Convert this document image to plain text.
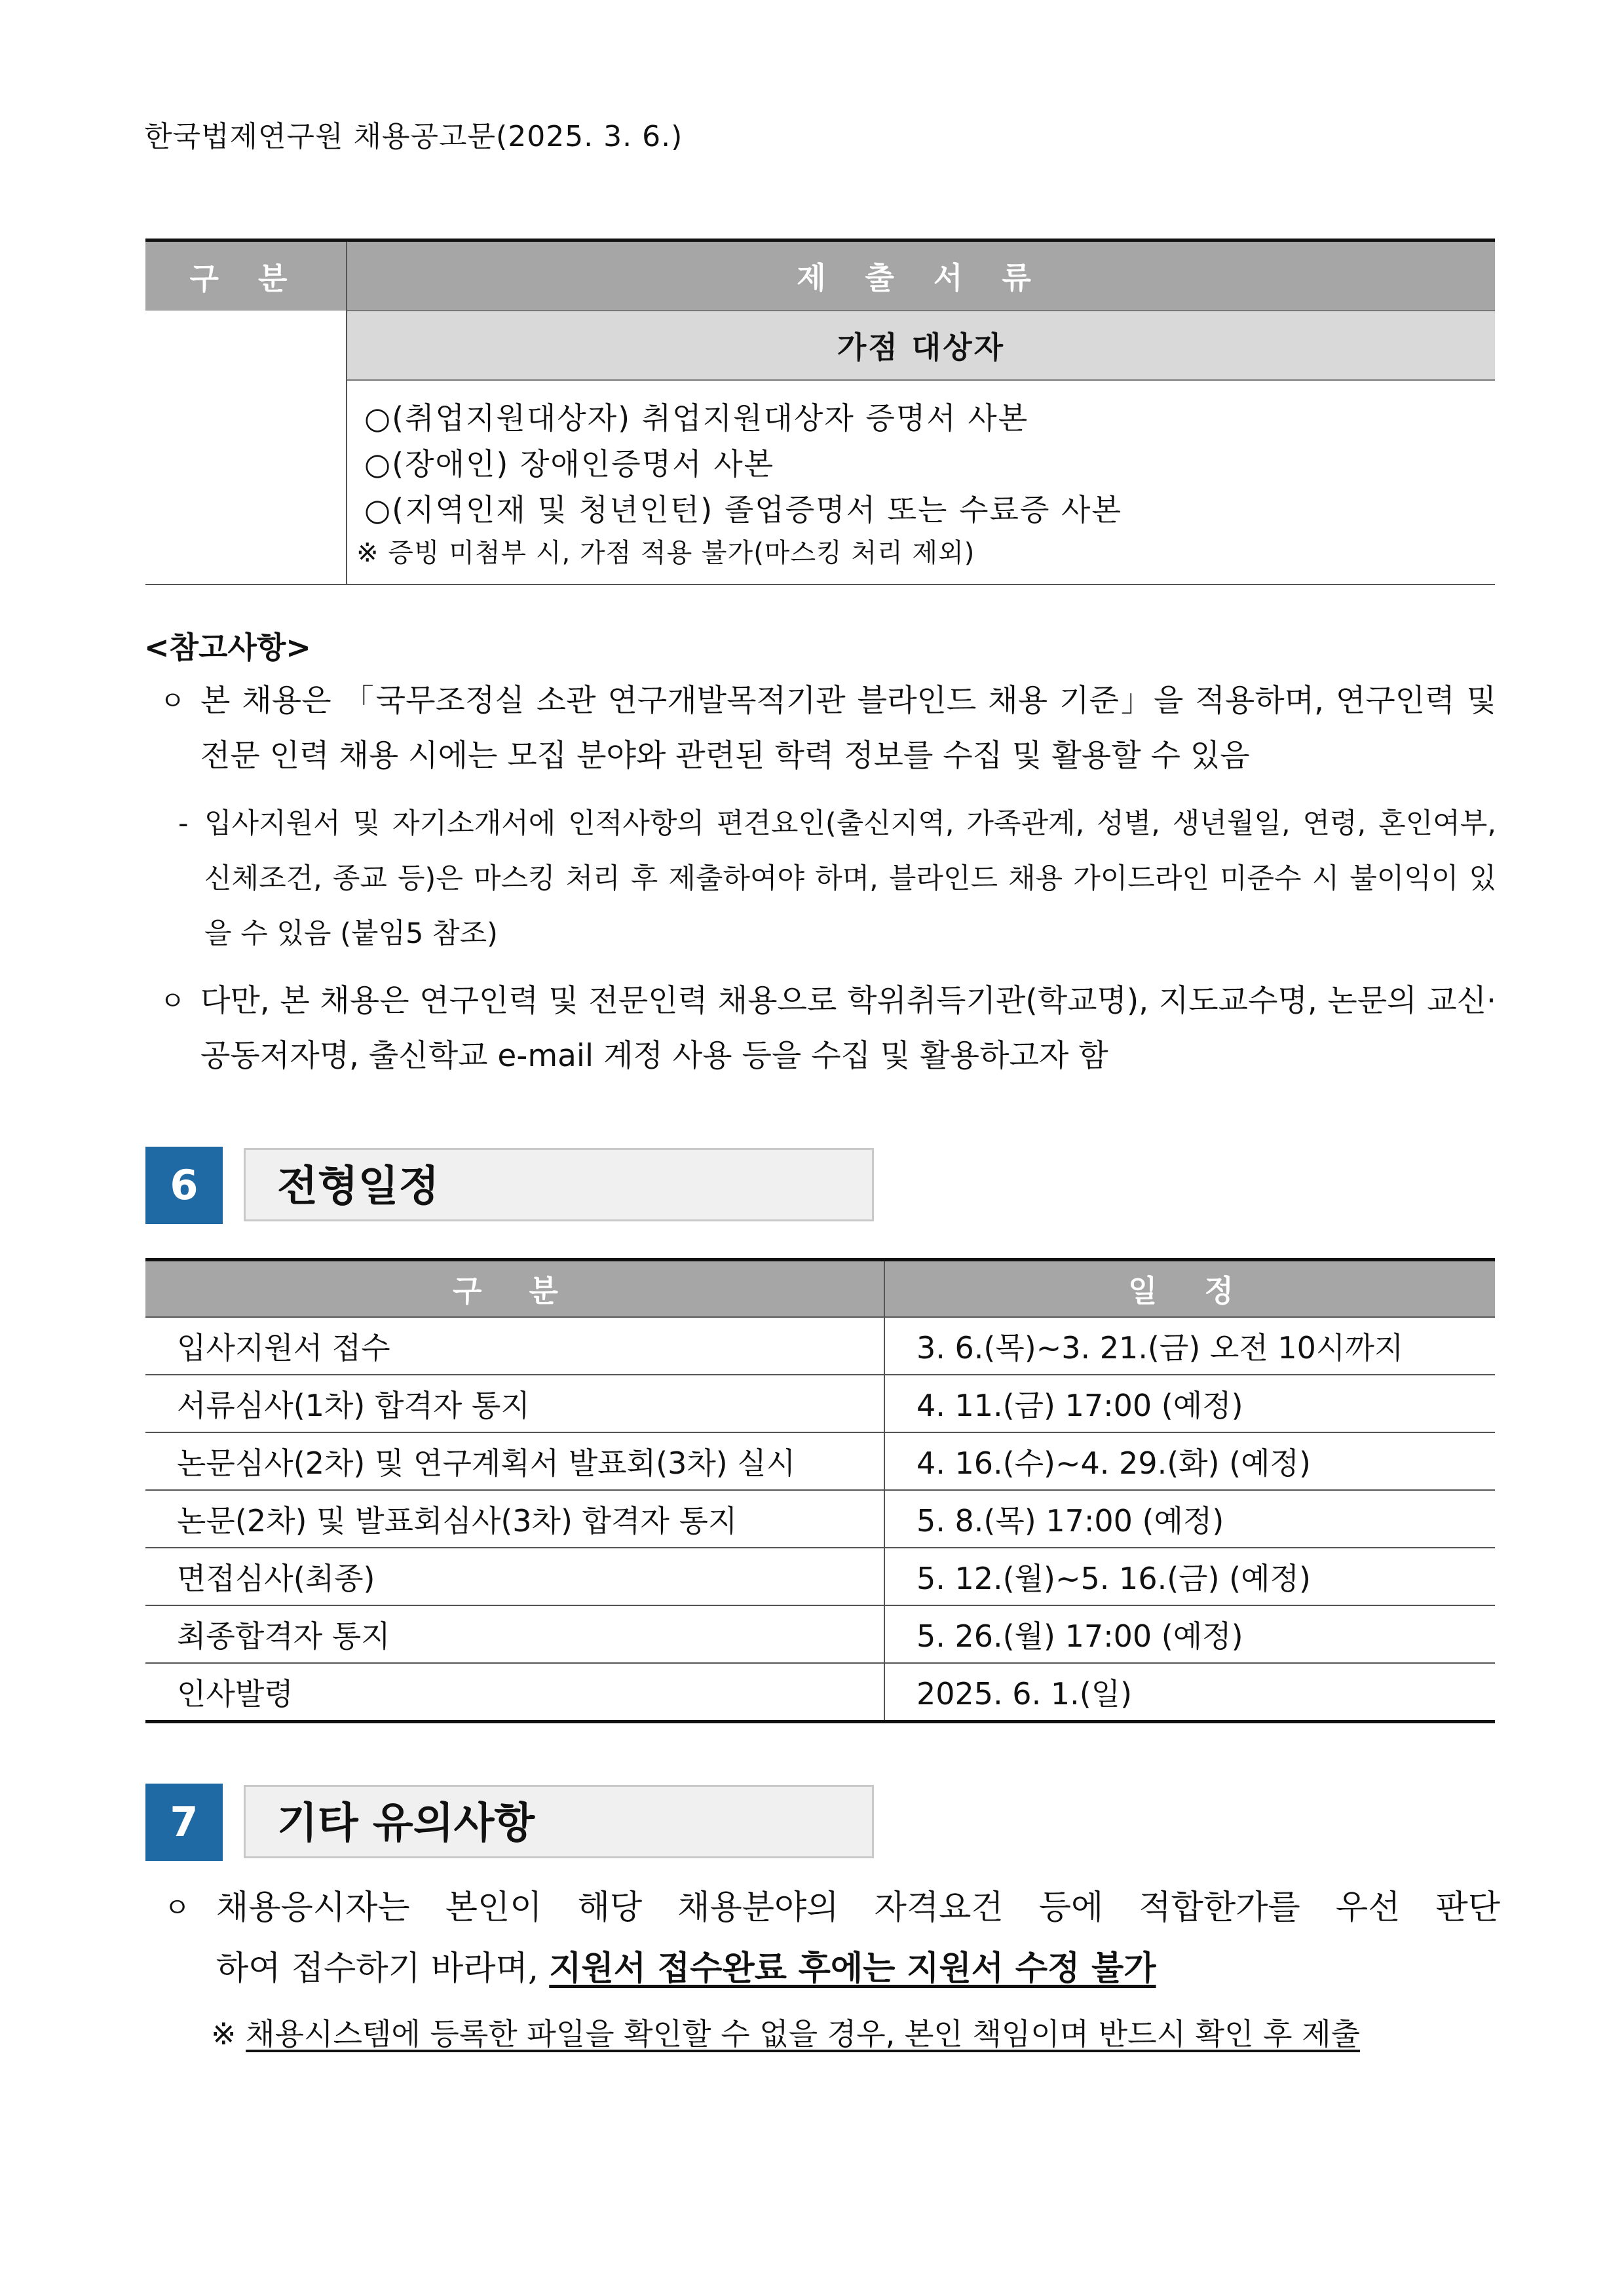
한국법제연구원 채용공고문(2025. 3. 6.)
구 분	제 출 서 류
	가점 대상자

	○(취업지원대상자) 취업지원대상자 증명서 사본
○(장애인) 장애인증명서 사본
○(지역인재 및 청년인턴) 졸업증명서 또는 수료증 사본
※ 증빙 미첨부 시, 가점 적용 불가(마스킹 처리 제외)
<참고사항>
ㅇ 본 채용은 「국무조정실 소관 연구개발목적기관 블라인드 채용 기준」을 적용하며, 연구인력 및 전문 인력 채용 시에는 모집 분야와 관련된 학력 정보를 수집 및 활용할 수 있음
- 입사지원서 및 자기소개서에 인적사항의 편견요인(출신지역, 가족관계, 성별, 생년월일, 연령, 혼인여부, 신체조건, 종교 등)은 마스킹 처리 후 제출하여야 하며, 블라인드 채용 가이드라인 미준수 시 불이익이 있을 수 있음 (붙임5 참조)
ㅇ 다만, 본 채용은 연구인력 및 전문인력 채용으로 학위취득기관(학교명), 지도교수명, 논문의 교신·공동저자명, 출신학교 e-mail 계정 사용 등을 수집 및 활용하고자 함
6	전형일정
구 분	일 정
입사지원서 접수	3. 6.(목)~3. 21.(금) 오전 10시까지
서류심사(1차) 합격자 통지	4. 11.(금) 17:00 (예정)
논문심사(2차) 및 연구계획서 발표회(3차) 실시	4. 16.(수)~4. 29.(화) (예정)
논문(2차) 및 발표회심사(3차) 합격자 통지	5. 8.(목) 17:00 (예정)
면접심사(최종)	5. 12.(월)~5. 16.(금) (예정)
최종합격자 통지	5. 26.(월) 17:00 (예정)
인사발령	2025. 6. 1.(일)
7	기타 유의사항
ㅇ 채용응시자는 본인이 해당 채용분야의 자격요건 등에 적합한가를 우선 판단
하여 접수하기 바라며, 지원서 접수완료 후에는 지원서 수정 불가
※ 채용시스템에 등록한 파일을 확인할 수 없을 경우, 본인 책임이며 반드시 확인 후 제출
